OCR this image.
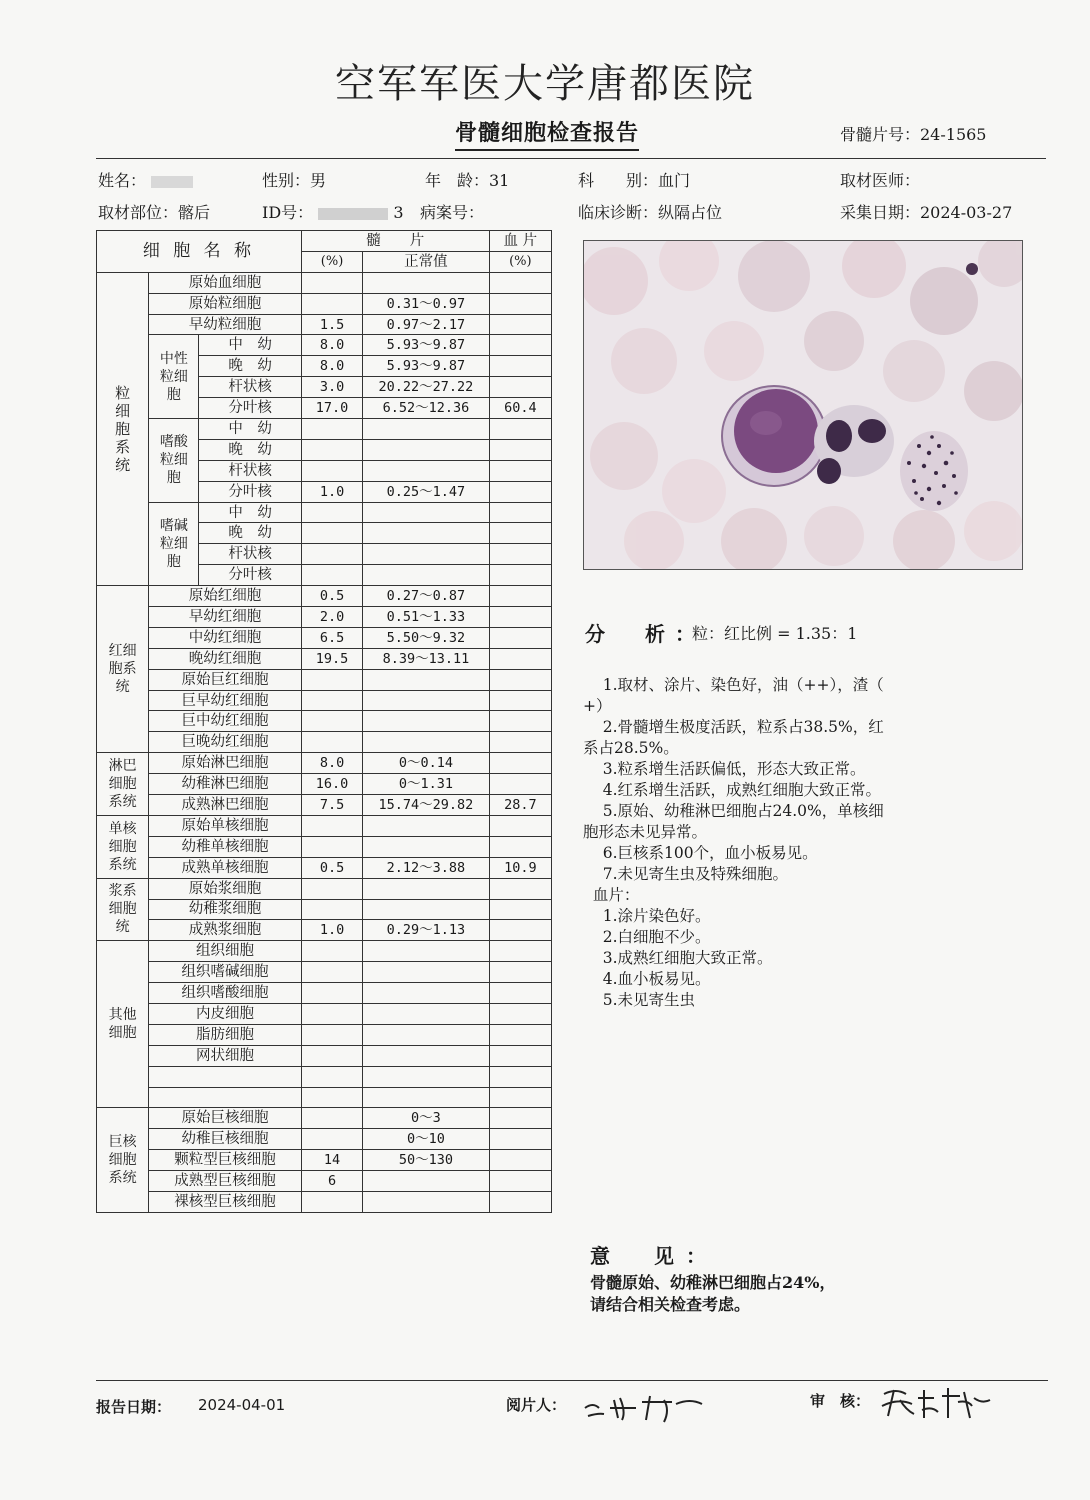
空军军医大学唐都医院
骨髓细胞检查报告	骨髓片号：24-1565
姓名：	性别：男	年　龄：31	科　　别：血门	取材医师：
取材部位：髂后	ID号：	3 病案号：	临床诊断：纵隔占位	采集日期：2024-03-27
细 胞 名 称			髓　　片		血 片
			(%)	正常值	(%)
粒细胞系统	原始血细胞				
	原始粒细胞			0.31～0.97	
	早幼粒细胞		1.5	0.97～2.17	
	中性粒细胞	中　幼	8.0	5.93～9.87	
		晚　幼	8.0	5.93～9.87	
		杆状核	3.0	20.22～27.22	
		分叶核	17.0	6.52～12.36	60.4
	嗜酸粒细胞	中　幼			
		晚　幼			
		杆状核			
		分叶核	1.0	0.25～1.47	
	嗜碱粒细胞	中　幼			
		晚　幼			
		杆状核			
		分叶核			
红细胞系统	原始红细胞		0.5	0.27～0.87	
	早幼红细胞		2.0	0.51～1.33	
	中幼红细胞		6.5	5.50～9.32	
	晚幼红细胞		19.5	8.39～13.11	
	原始巨红细胞				
	巨早幼红细胞				
	巨中幼红细胞				
	巨晚幼红细胞				
淋巴细胞系统	原始淋巴细胞		8.0	0～0.14	
	幼稚淋巴细胞		16.0	0～1.31	
	成熟淋巴细胞		7.5	15.74～29.82	28.7
单核细胞系统	原始单核细胞				
	幼稚单核细胞				
	成熟单核细胞		0.5	2.12～3.88	10.9
浆系细胞统	原始浆细胞				
	幼稚浆细胞				
	成熟浆细胞		1.0	0.29～1.13	
其他细胞	组织细胞				
	组织嗜碱细胞				
	组织嗜酸细胞				
	内皮细胞				
	脂肪细胞				
	网状细胞				

巨核细胞系统	原始巨核细胞			0～3	
	幼稚巨核细胞			0～10	
	颗粒型巨核细胞		14	50～130	
	成熟型巨核细胞		6		
	裸核型巨核细胞				
分　析：
粒：红比例 = 1.35：1
1.取材、涂片、染色好，油（++），渣（
+）
2.骨髓增生极度活跃，粒系占38.5%，红
系占28.5%。
3.粒系增生活跃偏低，形态大致正常。
4.红系增生活跃，成熟红细胞大致正常。
5.原始、幼稚淋巴细胞占24.0%，单核细
胞形态未见异常。
6.巨核系100个，血小板易见。
7.未见寄生虫及特殊细胞。
血片：
1.涂片染色好。
2.白细胞不少。
3.成熟红细胞大致正常。
4.血小板易见。
5.未见寄生虫
意　见：
骨髓原始、幼稚淋巴细胞占24%，
请结合相关检查考虑。
报告日期： 2024-04-01	阅片人：	审　核：
